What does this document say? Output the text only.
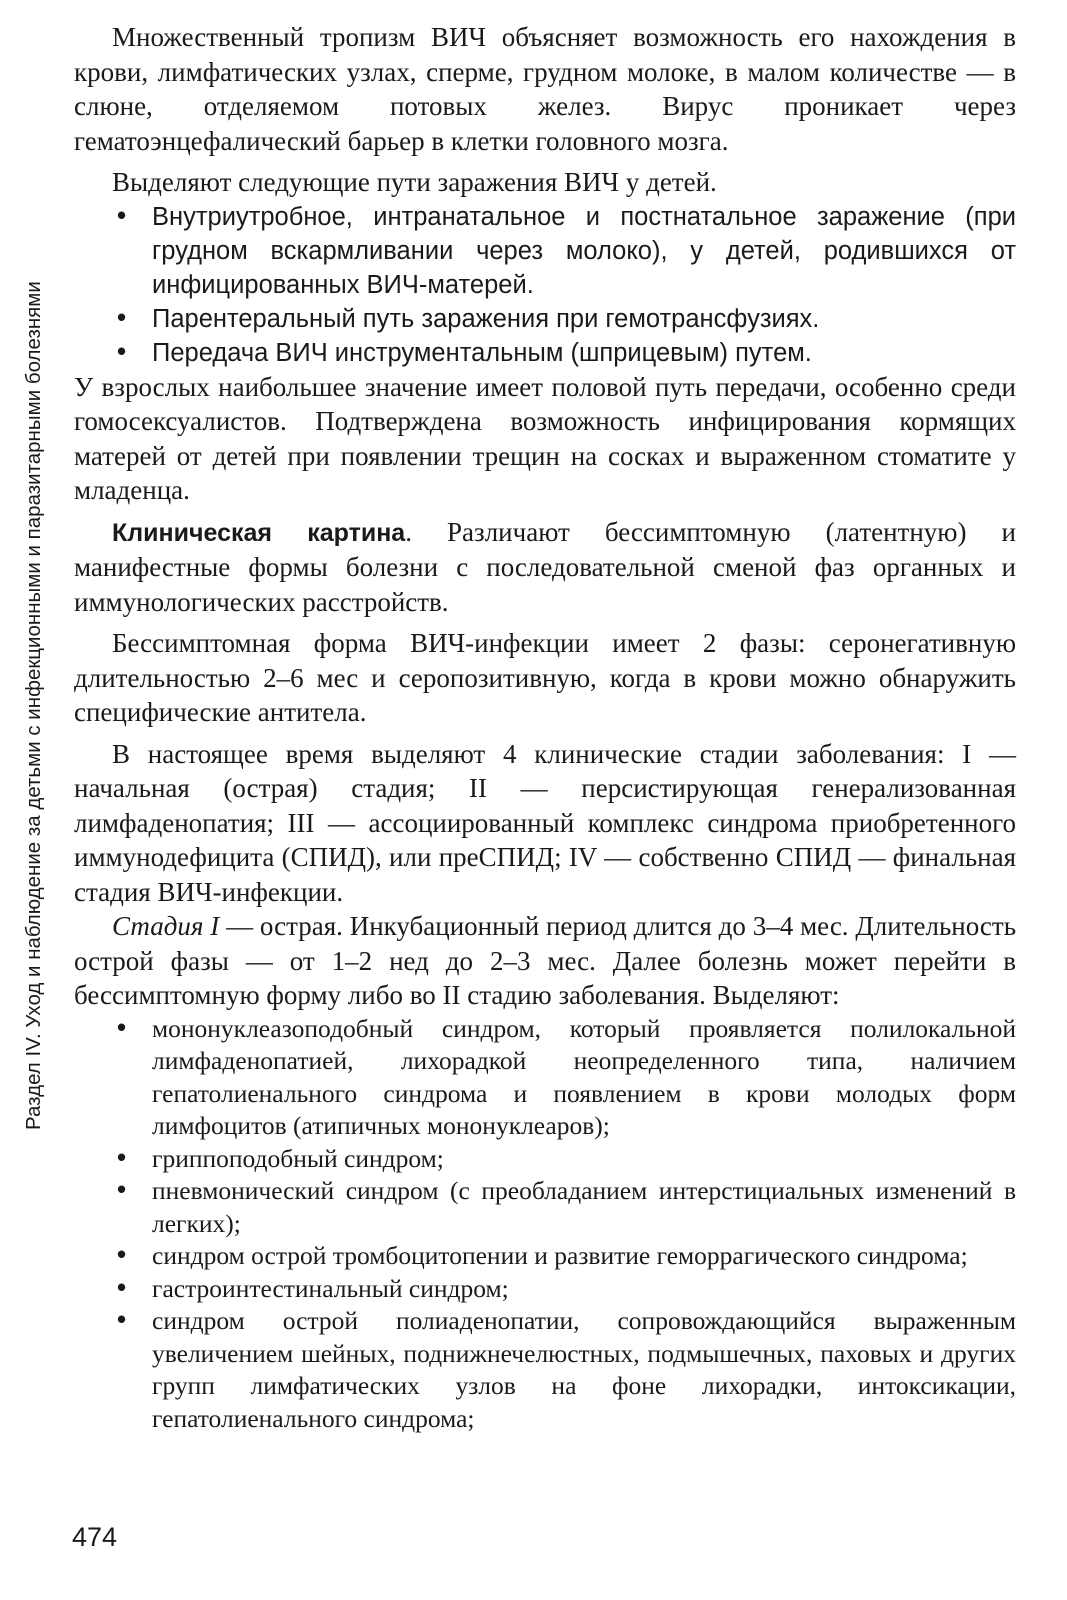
Раздел IV. Уход и наблюдение за детьми с инфекционными и паразитарными болезнями

Множественный тропизм ВИЧ объясняет возможность его нахождения в крови, лимфатических узлах, сперме, грудном молоке, в малом количестве — в слюне, отделяемом потовых желез. Вирус проникает через гематоэнцефалический барьер в клетки головного мозга.

Выделяют следующие пути заражения ВИЧ у детей.

• Внутриутробное, интранатальное и постнатальное заражение (при грудном вскармливании через молоко), у детей, родившихся от инфицированных ВИЧ-матерей.
• Парентеральный путь заражения при гемотрансфузиях.
• Передача ВИЧ инструментальным (шприцевым) путем.

У взрослых наибольшее значение имеет половой путь передачи, особенно среди гомосексуалистов. Подтверждена возможность инфицирования кормящих матерей от детей при появлении трещин на сосках и выраженном стоматите у младенца.

Клиническая картина. Различают бессимптомную (латентную) и манифестные формы болезни с последовательной сменой фаз органных и иммунологических расстройств.

Бессимптомная форма ВИЧ-инфекции имеет 2 фазы: серонегативную длительностью 2–6 мес и серопозитивную, когда в крови можно обнаружить специфические антитела.

В настоящее время выделяют 4 клинические стадии заболевания: I — начальная (острая) стадия; II — персистирующая генерализованная лимфаденопатия; III — ассоциированный комплекс синдрома приобретенного иммунодефицита (СПИД), или преСПИД; IV — собственно СПИД — финальная стадия ВИЧ-инфекции.

Стадия I — острая. Инкубационный период длится до 3–4 мес. Длительность острой фазы — от 1–2 нед до 2–3 мес. Далее болезнь может перейти в бессимптомную форму либо во II стадию заболевания. Выделяют:

• мононуклеазоподобный синдром, который проявляется полилокальной лимфаденопатией, лихорадкой неопределенного типа, наличием гепатолиенального синдрома и появлением в крови молодых форм лимфоцитов (атипичных мононуклеаров);
• гриппоподобный синдром;
• пневмонический синдром (с преобладанием интерстициальных изменений в легких);
• синдром острой тромбоцитопении и развитие геморрагического синдрома;
• гастроинтестинальный синдром;
• синдром острой полиаденопатии, сопровождающийся выраженным увеличением шейных, поднижнечелюстных, подмышечных, паховых и других групп лимфатических узлов на фоне лихорадки, интоксикации, гепатолиенального синдрома;
474
